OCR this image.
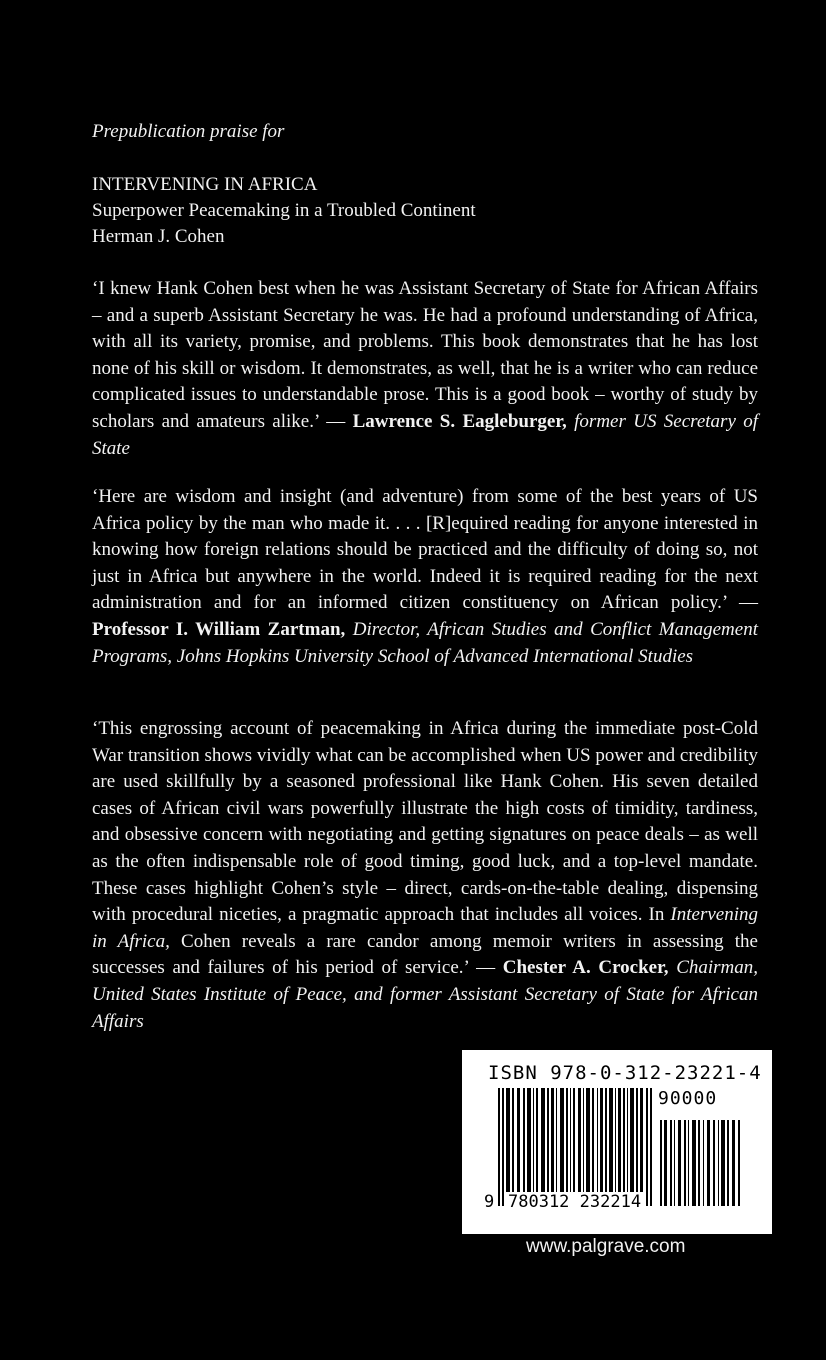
Prepublication praise for
INTERVENING IN AFRICA
Superpower Peacemaking in a Troubled Continent
Herman J. Cohen
‘I knew Hank Cohen best when he was Assistant Secretary of State for African Affairs – and a superb Assistant Secretary he was. He had a profound understanding of Africa, with all its variety, promise, and problems. This book demonstrates that he has lost none of his skill or wisdom. It demonstrates, as well, that he is a writer who can reduce complicated issues to understandable prose. This is a good book – worthy of study by scholars and amateurs alike.’ — Lawrence S. Eagleburger, former US Secretary of State
‘Here are wisdom and insight (and adventure) from some of the best years of US Africa policy by the man who made it. . . . [R]equired reading for anyone interested in knowing how foreign relations should be practiced and the difficulty of doing so, not just in Africa but anywhere in the world. Indeed it is required reading for the next administration and for an informed citizen constituency on African policy.’ — Professor I. William Zartman, Director, African Studies and Conflict Management Programs, Johns Hopkins University School of Advanced International Studies
‘This engrossing account of peacemaking in Africa during the immediate post-Cold War transition shows vividly what can be accomplished when US power and credibility are used skillfully by a seasoned professional like Hank Cohen. His seven detailed cases of African civil wars powerfully illustrate the high costs of timidity, tardiness, and obsessive concern with negotiating and getting signatures on peace deals – as well as the often indispensable role of good timing, good luck, and a top-level mandate. These cases highlight Cohen’s style – direct, cards-on-the-table dealing, dispensing with procedural niceties, a pragmatic approach that includes all voices. In Intervening in Africa, Cohen reveals a rare candor among memoir writers in assessing the successes and failures of his period of service.’ — Chester A. Crocker, Chairman, United States Institute of Peace, and former Assistant Secretary of State for African Affairs
ISBN 978-0-312-23221-4
90000
9 780312 232214
www.palgrave.com
